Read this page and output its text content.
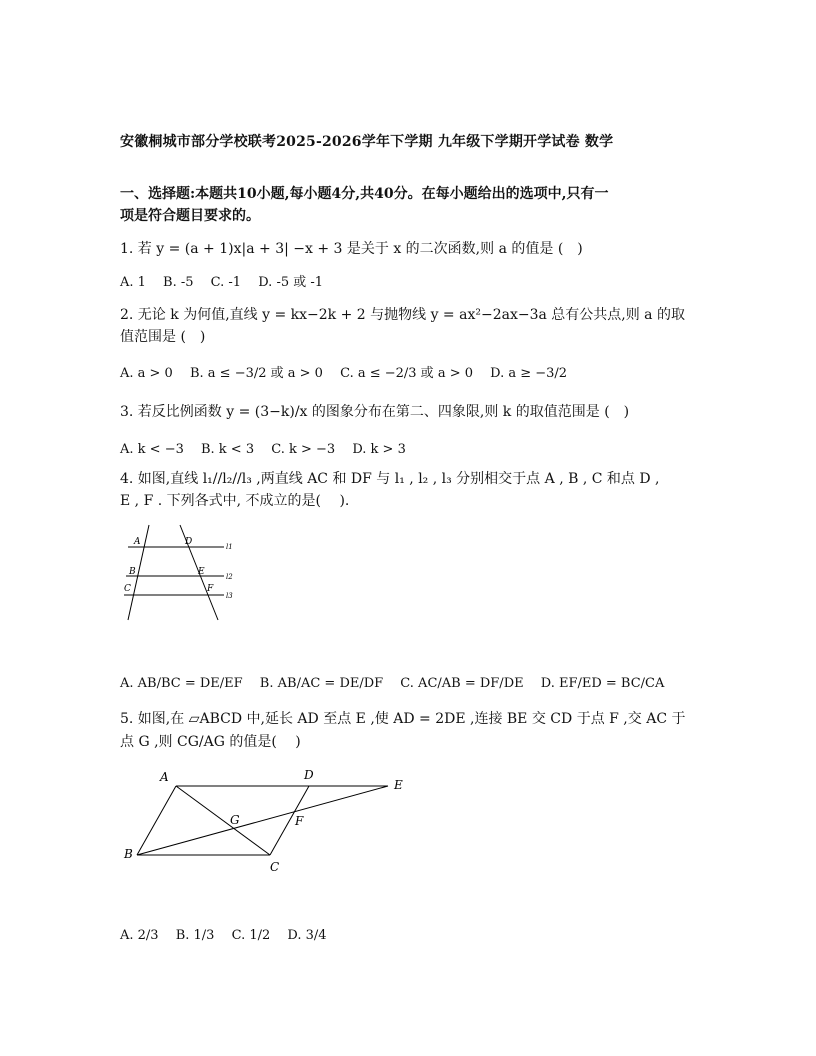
安徽桐城市部分学校联考2025-2026学年下学期 九年级下学期开学试卷 数学
一、选择题:本题共10小题,每小题4分,共40分。在每小题给出的选项中,只有一
项是符合题目要求的。
1. 若 y = (a + 1)x|a + 3| −x + 3 是关于 x 的二次函数,则 a 的值是 (　)
A. 1　 B. -5　 C. -1　 D. -5 或 -1
2. 无论 k 为何值,直线 y = kx−2k + 2 与抛物线 y = ax²−2ax−3a 总有公共点,则 a 的取
值范围是 (　)
A. a > 0　 B. a ≤ −3/2 或 a > 0　 C. a ≤ −2/3 或 a > 0　 D. a ≥ −3/2
3. 若反比例函数 y = (3−k)/x 的图象分布在第二、四象限,则 k 的取值范围是 (　)
A. k < −3　 B. k < 3　 C. k > −3　 D. k > 3
4. 如图,直线 l₁//l₂//l₃ ,两直线 AC 和 DF 与 l₁ , l₂ , l₃ 分别相交于点 A , B , C 和点 D ,
E , F . 下列各式中, 不成立的是(　 ).
A	D
B	E
C	F
l1
l2
l3
A. AB/BC = DE/EF　 B. AB/AC = DE/DF　 C. AC/AB = DF/DE　 D. EF/ED = BC/CA
5. 如图,在 ▱ABCD 中,延长 AD 至点 E ,使 AD = 2DE ,连接 BE 交 CD 于点 F ,交 AC 于
点 G ,则 CG/AG 的值是(　 )
A	D
E
G	F
B
C
A. 2/3　 B. 1/3　 C. 1/2　 D. 3/4
